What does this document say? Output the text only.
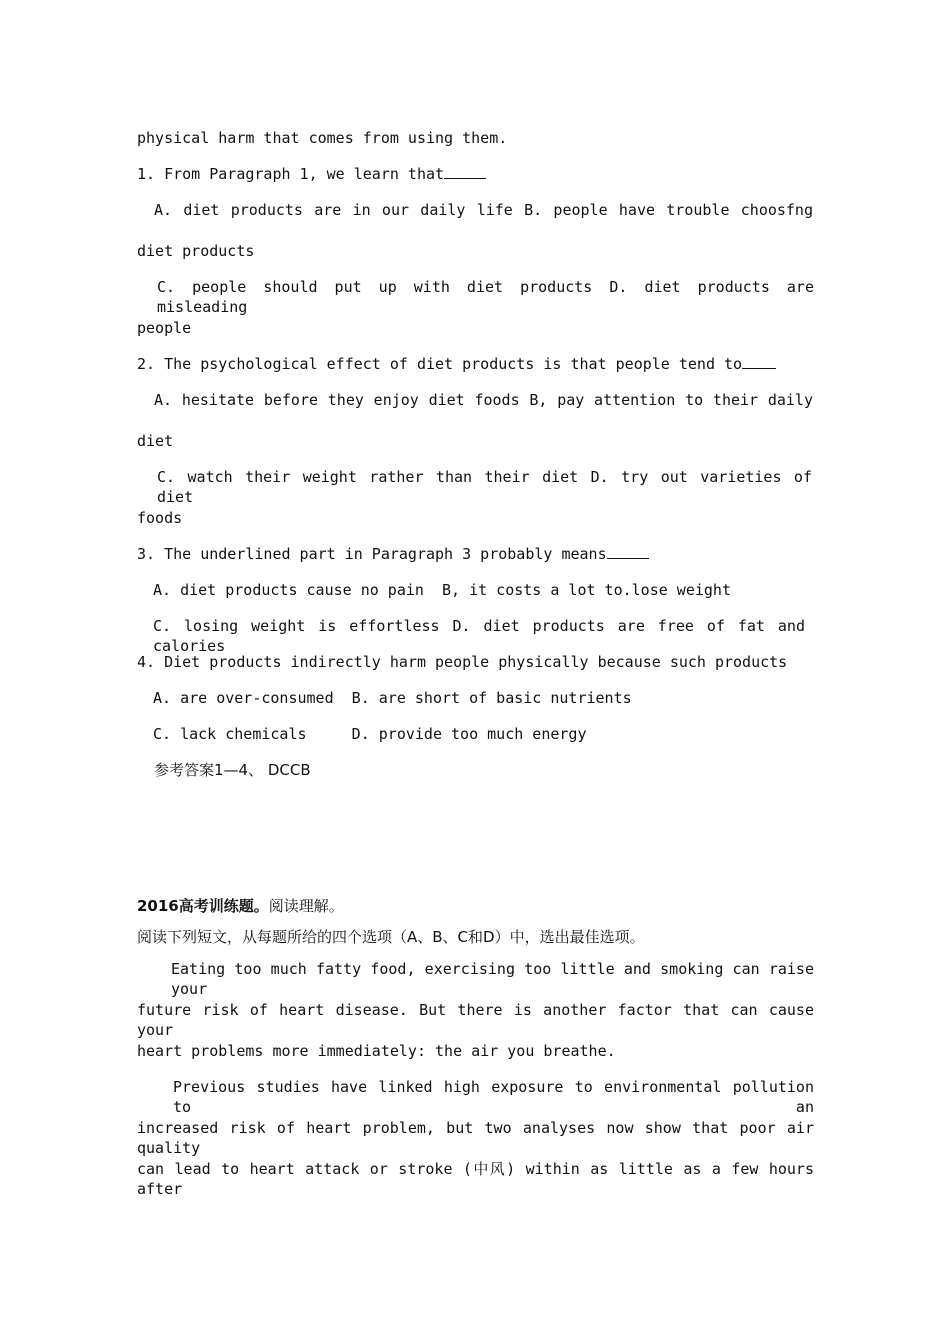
physical harm that comes from using them.
1. From Paragraph 1, we learn that
A. diet products are in our daily life B. people have trouble choosfng
diet products
C. people should put up with diet products D. diet products are misleading
people
2. The psychological effect of diet products is that people tend to
A. hesitate before they enjoy diet foods B, pay attention to their daily
diet
C. watch their weight rather than their diet D. try out varieties of diet
foods
3. The underlined part in Paragraph 3 probably means
A. diet products cause no pain  B, it costs a lot to.lose weight
C. losing weight is effortless D. diet products are free of fat and calories
4. Diet products indirectly harm people physically because such products
A. are over-consumed  B. are short of basic nutrients
C. lack chemicals     D. provide too much energy
参考答案1—4、 DCCB
2016高考训练题。阅读理解。
阅读下列短文，从每题所给的四个选项（A、B、C和D）中，选出最佳选项。
Eating too much fatty food, exercising too little and smoking can raise your
future risk of heart disease. But there is another factor that can cause your
heart problems more immediately: the air you breathe.
Previous studies have linked high exposure to environmental pollution to an
increased risk of heart problem, but two analyses now show that poor air quality
can lead to heart attack or stroke (中风) within as little as a few hours after
